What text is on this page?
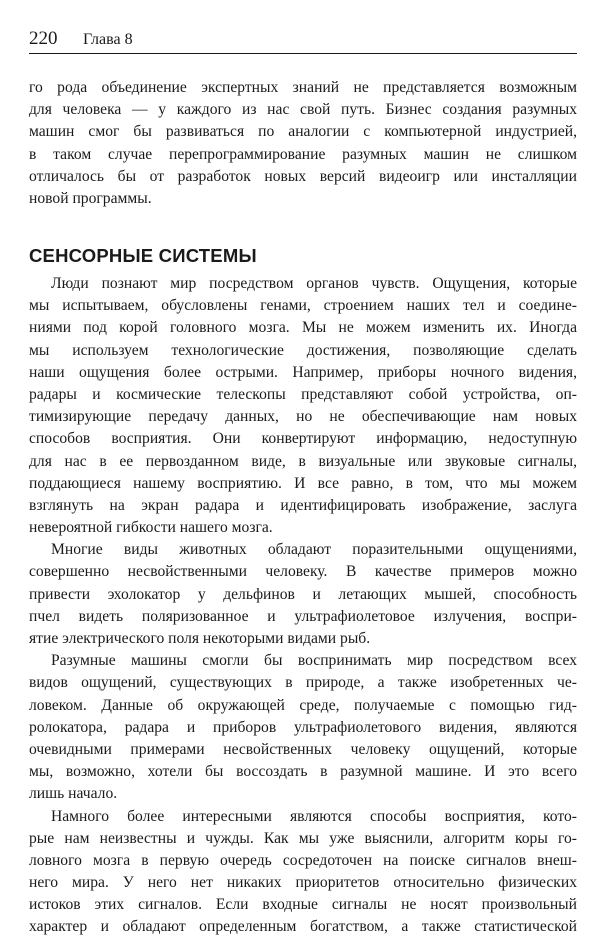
220 Глава 8
го рода объединение экспертных знаний не представляется возможным
для человека — у каждого из нас свой путь. Бизнес создания разумных
машин смог бы развиваться по аналогии с компьютерной индустрией,
в таком случае перепрограммирование разумных машин не слишком
отличалось бы от разработок новых версий видеоигр или инсталляции
новой программы.
СЕНСОРНЫЕ СИСТЕМЫ
Люди познают мир посредством органов чувств. Ощущения, которые
мы испытываем, обусловлены генами, строением наших тел и соедине-
ниями под корой головного мозга. Мы не можем изменить их. Иногда
мы используем технологические достижения, позволяющие сделать
наши ощущения более острыми. Например, приборы ночного видения,
радары и космические телескопы представляют собой устройства, оп-
тимизирующие передачу данных, но не обеспечивающие нам новых
способов восприятия. Они конвертируют информацию, недоступную
для нас в ее первозданном виде, в визуальные или звуковые сигналы,
поддающиеся нашему восприятию. И все равно, в том, что мы можем
взглянуть на экран радара и идентифицировать изображение, заслуга
невероятной гибкости нашего мозга.
Многие виды животных обладают поразительными ощущениями,
совершенно несвойственными человеку. В качестве примеров можно
привести эхолокатор у дельфинов и летающих мышей, способность
пчел видеть поляризованное и ультрафиолетовое излучения, воспри-
ятие электрического поля некоторыми видами рыб.
Разумные машины смогли бы воспринимать мир посредством всех
видов ощущений, существующих в природе, а также изобретенных че-
ловеком. Данные об окружающей среде, получаемые с помощью гид-
ролокатора, радара и приборов ультрафиолетового видения, являются
очевидными примерами несвойственных человеку ощущений, которые
мы, возможно, хотели бы воссоздать в разумной машине. И это всего
лишь начало.
Намного более интересными являются способы восприятия, кото-
рые нам неизвестны и чужды. Как мы уже выяснили, алгоритм коры го-
ловного мозга в первую очередь сосредоточен на поиске сигналов внеш-
него мира. У него нет никаких приоритетов относительно физических
истоков этих сигналов. Если входные сигналы не носят произвольный
характер и обладают определенным богатством, а также статистической
